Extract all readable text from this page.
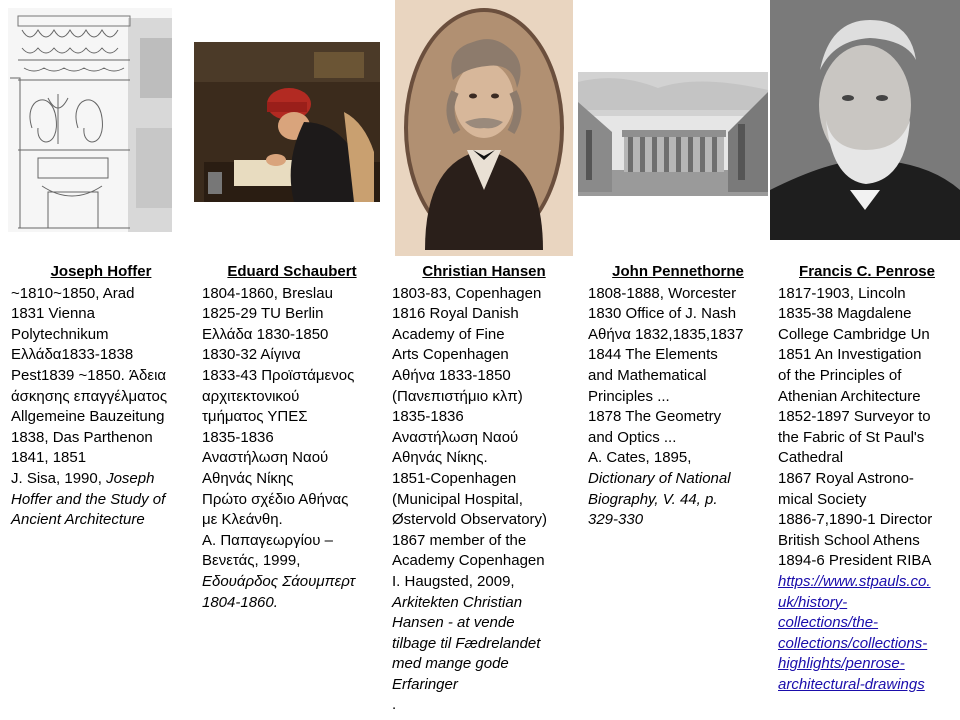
Joseph Hoffer
~1810~1850, Arad
1831 Vienna
Polytechnikum
Ελλάδα1833-1838
Pest1839 ~1850. Άδεια
άσκησης επαγγέλματος
Allgemeine Bauzeitung
1838, Das Parthenon
1841, 1851
J. Sisa, 1990, Joseph
Hoffer and the Study of
Ancient Architecture
Eduard Schaubert
1804-1860, Breslau
1825-29 TU Berlin
Ελλάδα 1830-1850
1830-32 Αίγινα
1833-43 Προϊστάμενος
αρχιτεκτονικού
τμήματος ΥΠΕΣ
1835-1836
Αναστήλωση Ναού
Αθηνάς Νίκης
Πρώτο σχέδιο Αθήνας
με Κλεάνθη.
Α. Παπαγεωργίου –
Βενετάς, 1999,
Εδουάρδος Σάουμπερτ
1804-1860.
Christian Hansen
1803-83, Copenhagen
1816 Royal Danish
Academy of Fine
Arts Copenhagen
Αθήνα 1833-1850
(Πανεπιστήμιο κλπ)
1835-1836
Αναστήλωση Ναού
Αθηνάς Νίκης.
1851-Copenhagen
(Municipal Hospital,
Østervold Observatory)
1867 member of the
Academy Copenhagen
I. Haugsted, 2009,
Arkitekten Christian
Hansen - at vende
tilbage til Fædrelandet
med mange gode
Erfaringer
.
John Pennethorne
1808-1888, Worcester
1830 Office of J. Nash
Αθήνα 1832,1835,1837
1844 The Elements
and Mathematical
Principles ...
1878 The Geometry
and Optics ...
A. Cates, 1895,
Dictionary of National
Biography, V. 44, p.
329-330
Francis C. Penrose
1817-1903, Lincoln
1835-38 Magdalene
College Cambridge Un
1851 An Investigation
of the Principles of
Athenian Architecture
1852-1897 Surveyor to
the Fabric of St Paul's
Cathedral
1867 Royal Astrono-
mical Society
1886-7,1890-1 Director
British School Athens
1894-6 President RIBA
https://www.stpauls.co.
uk/history-
collections/the-
collections/collections-
highlights/penrose-
architectural-drawings
